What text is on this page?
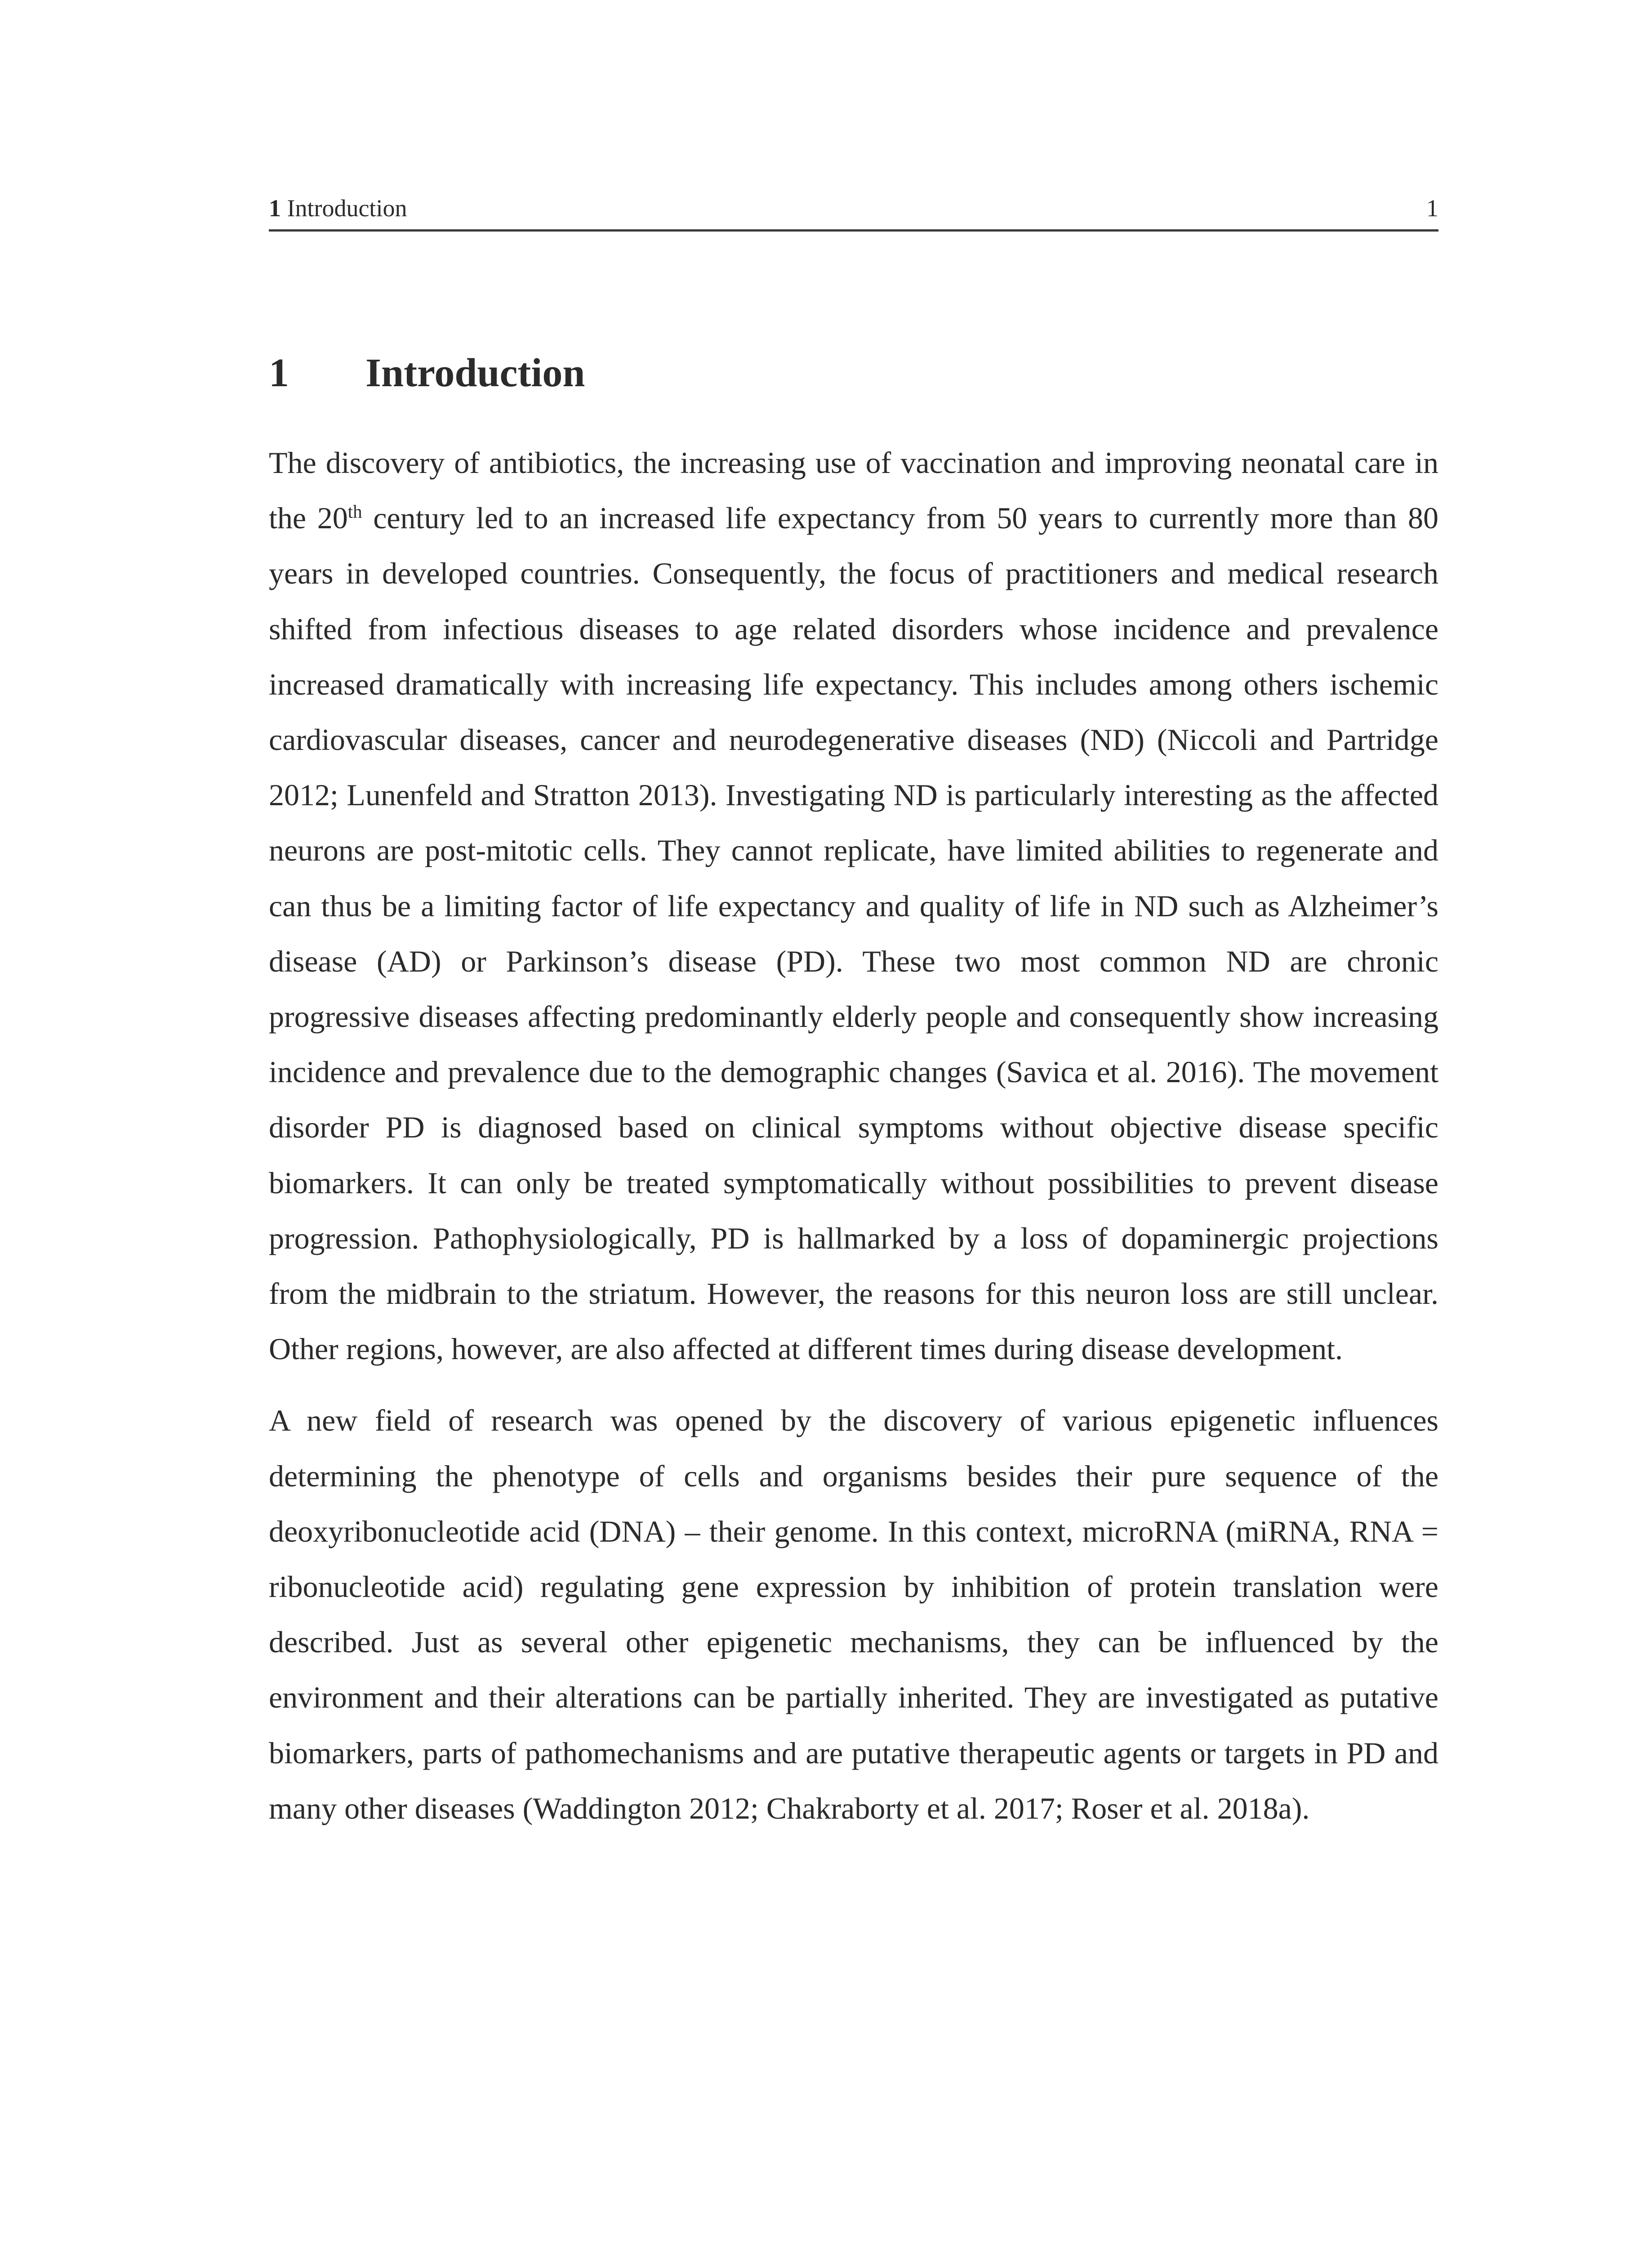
1 Introduction	1
1 Introduction

The discovery of antibiotics, the increasing use of vaccination and improving neonatal care in the 20th century led to an increased life expectancy from 50 years to currently more than 80 years in developed countries. Consequently, the focus of practitioners and medical research shifted from infectious diseases to age related disorders whose incidence and prevalence increased dramatically with increasing life expectancy. This includes among others ischemic cardiovascular diseases, cancer and neurodegenerative diseases (ND) (Niccoli and Partridge 2012; Lunenfeld and Stratton 2013). Investigating ND is particularly interesting as the affected neurons are post-mitotic cells. They cannot replicate, have limited abilities to regenerate and can thus be a limiting factor of life expectancy and quality of life in ND such as Alzheimer’s disease (AD) or Parkinson’s disease (PD). These two most common ND are chronic progressive diseases affecting predominantly elderly people and consequently show increasing incidence and prevalence due to the demographic changes (Savica et al. 2016). The movement disorder PD is diagnosed based on clinical symptoms without objective disease specific biomarkers. It can only be treated symptomatically without possibilities to prevent disease progression. Pathophysiologically, PD is hallmarked by a loss of dopaminergic projections from the midbrain to the striatum. However, the reasons for this neuron loss are still unclear. Other regions, however, are also affected at different times during disease development.

A new field of research was opened by the discovery of various epigenetic influences determining the phenotype of cells and organisms besides their pure sequence of the deoxyribonucleotide acid (DNA) – their genome. In this context, microRNA (miRNA, RNA = ribonucleotide acid) regulating gene expression by inhibition of protein translation were described. Just as several other epigenetic mechanisms, they can be influenced by the environment and their alterations can be partially inherited. They are investigated as putative biomarkers, parts of pathomechanisms and are putative therapeutic agents or targets in PD and many other diseases (Waddington 2012; Chakraborty et al. 2017; Roser et al. 2018a).
